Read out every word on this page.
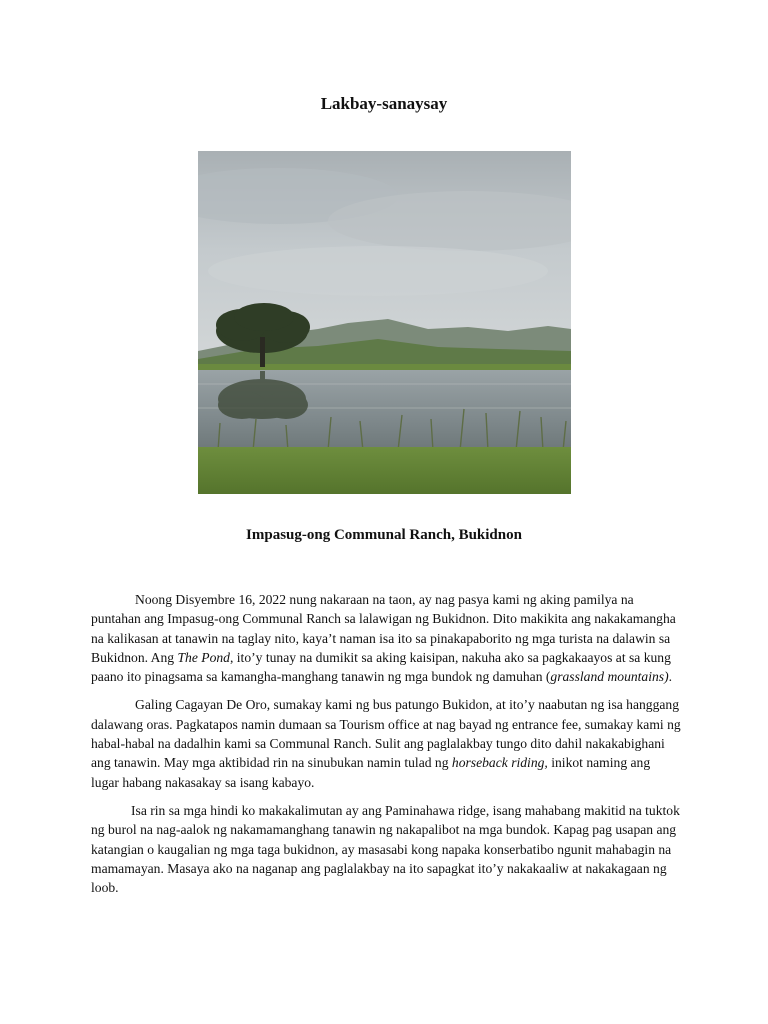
Lakbay-sanaysay
Impasug-ong Communal Ranch, Bukidnon

Noong Disyembre 16, 2022 nung nakaraan na taon, ay nag pasya kami ng aking pamilya na puntahan ang Impasug-ong Communal Ranch sa lalawigan ng Bukidnon. Dito makikita ang nakakamangha na kalikasan at tanawin na taglay nito, kaya’t naman isa ito sa pinakapaborito ng mga turista na dalawin sa Bukidnon. Ang The Pond, ito’y tunay na dumikit sa aking kaisipan, nakuha ako sa pagkakaayos at sa kung paano ito pinagsama sa kamangha-manghang tanawin ng mga bundok ng damuhan (grassland mountains).

Galing Cagayan De Oro, sumakay kami ng bus patungo Bukidon, at ito’y naabutan ng isa hanggang dalawang oras. Pagkatapos namin dumaan sa Tourism office at nag bayad ng entrance fee, sumakay kami ng habal-habal na dadalhin kami sa Communal Ranch. Sulit ang paglalakbay tungo dito dahil nakakabighani ang tanawin. May mga aktibidad rin na sinubukan namin tulad ng horseback riding, inikot naming ang lugar habang nakasakay sa isang kabayo.

Isa rin sa mga hindi ko makakalimutan ay ang Paminahawa ridge, isang mahabang makitid na tuktok ng burol na nag-aalok ng nakamamanghang tanawin ng nakapalibot na mga bundok. Kapag pag usapan ang katangian o kaugalian ng mga taga bukidnon, ay masasabi kong napaka konserbatibo ngunit mahabagin na mamamayan. Masaya ako na naganap ang paglalakbay na ito sapagkat ito’y nakakaaliw at nakakagaan ng loob.
